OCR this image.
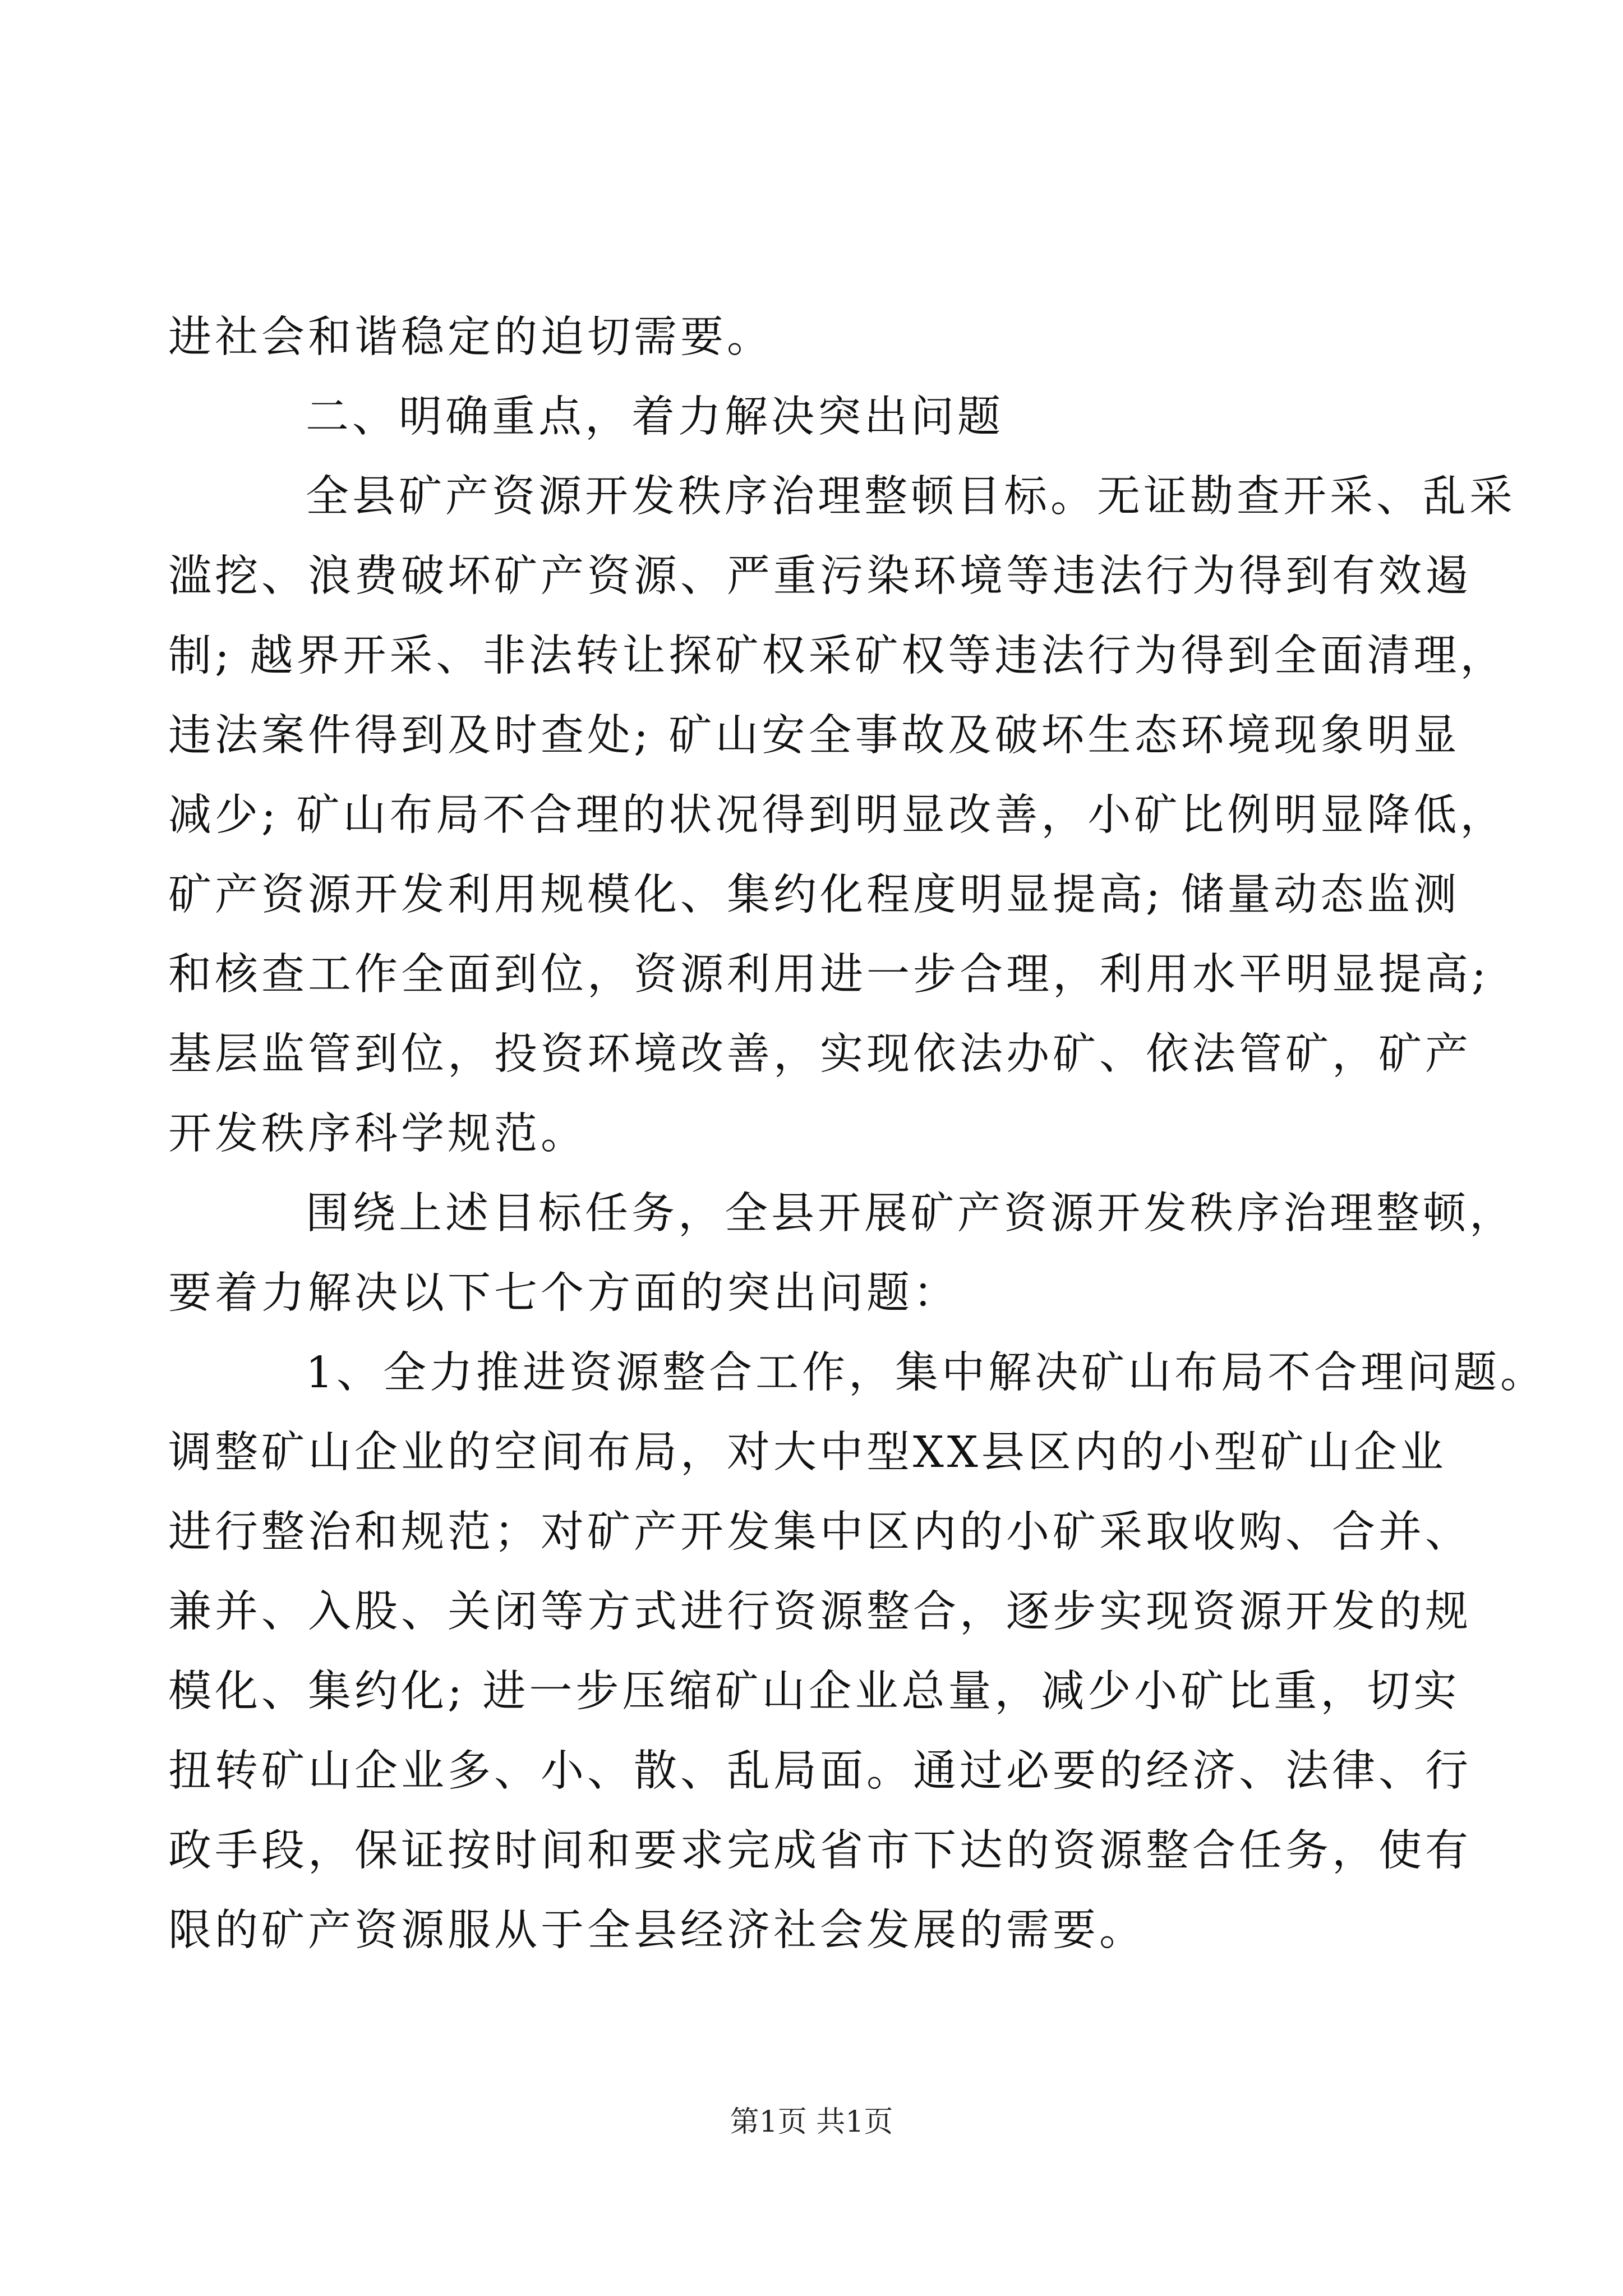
进社会和谐稳定的迫切需要。
二、明确重点，着力解决突出问题
全县矿产资源开发秩序治理整顿目标。无证勘查开采、乱采
滥挖、浪费破坏矿产资源、严重污染环境等违法行为得到有效遏
制; 越界开采、非法转让探矿权采矿权等违法行为得到全面清理，
违法案件得到及时查处; 矿山安全事故及破坏生态环境现象明显
减少; 矿山布局不合理的状况得到明显改善，小矿比例明显降低，
矿产资源开发利用规模化、集约化程度明显提高; 储量动态监测
和核查工作全面到位，资源利用进一步合理，利用水平明显提高;
基层监管到位，投资环境改善，实现依法办矿、依法管矿，矿产
开发秩序科学规范。
围绕上述目标任务，全县开展矿产资源开发秩序治理整顿，
要着力解决以下七个方面的突出问题：
1、全力推进资源整合工作，集中解决矿山布局不合理问题。
调整矿山企业的空间布局，对大中型XX县区内的小型矿山企业
进行整治和规范；对矿产开发集中区内的小矿采取收购、合并、
兼并、入股、关闭等方式进行资源整合，逐步实现资源开发的规
模化、集约化; 进一步压缩矿山企业总量，减少小矿比重，切实
扭转矿山企业多、小、散、乱局面。通过必要的经济、法律、行
政手段，保证按时间和要求完成省市下达的资源整合任务，使有
限的矿产资源服从于全县经济社会发展的需要。
第1页 共1页
